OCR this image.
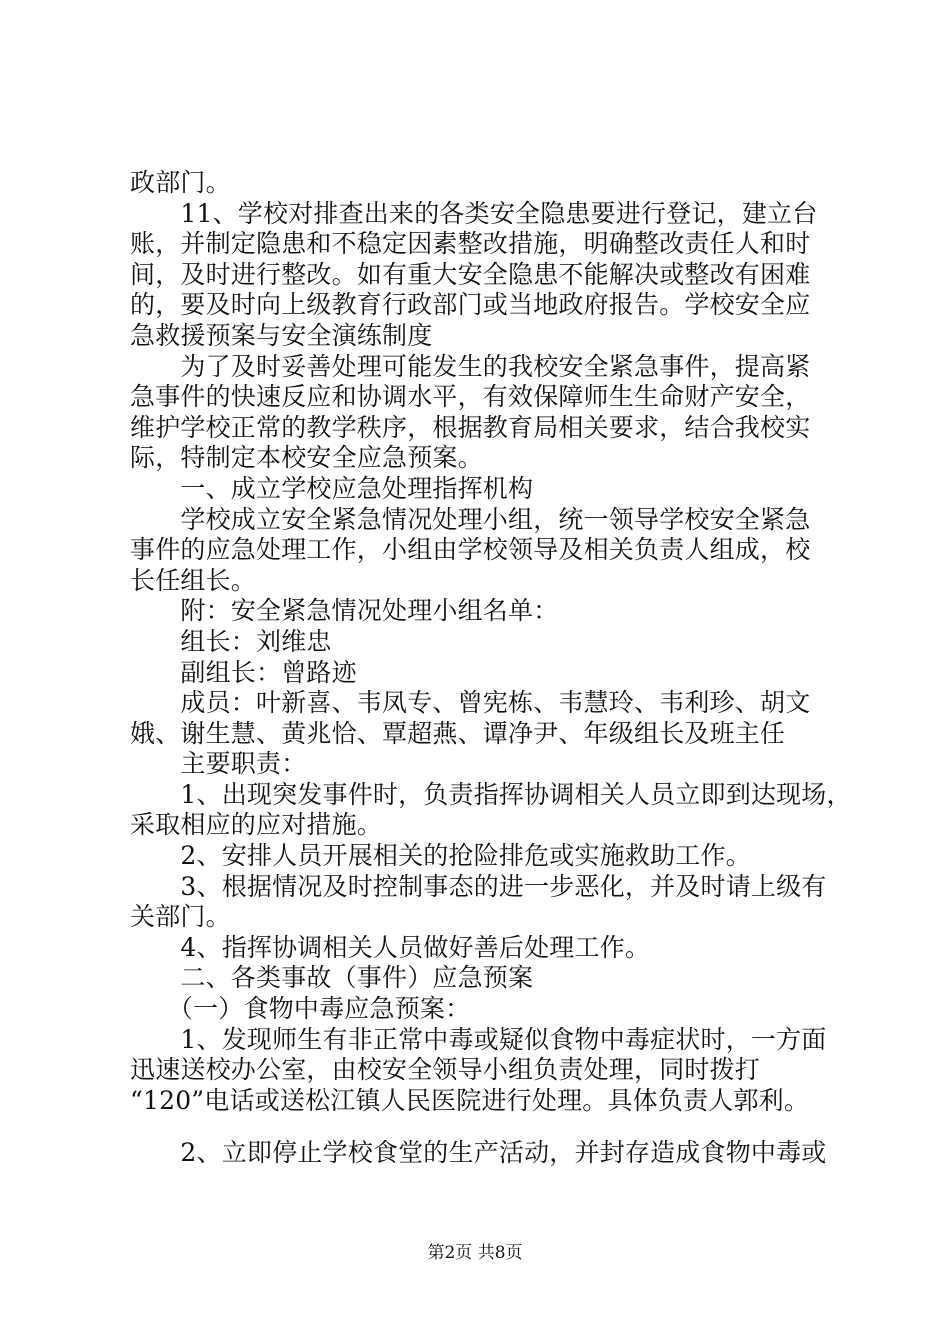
政部门。
　　11、学校对排查出来的各类安全隐患要进行登记，建立台
账，并制定隐患和不稳定因素整改措施，明确整改责任人和时
间，及时进行整改。如有重大安全隐患不能解决或整改有困难
的，要及时向上级教育行政部门或当地政府报告。学校安全应
急救援预案与安全演练制度
　　为了及时妥善处理可能发生的我校安全紧急事件，提高紧
急事件的快速反应和协调水平，有效保障师生生命财产安全，
维护学校正常的教学秩序，根据教育局相关要求，结合我校实
际，特制定本校安全应急预案。
　　一、成立学校应急处理指挥机构
　　学校成立安全紧急情况处理小组，统一领导学校安全紧急
事件的应急处理工作，小组由学校领导及相关负责人组成，校
长任组长。
　　附：安全紧急情况处理小组名单：
　　组长：刘维忠
　　副组长：曾路迹
　　成员：叶新喜、韦凤专、曾宪栋、韦慧玲、韦利珍、胡文
娥、谢生慧、黄兆恰、覃超燕、谭净尹、年级组长及班主任
　　主要职责：
　　1、出现突发事件时，负责指挥协调相关人员立即到达现场，
采取相应的应对措施。
　　2、安排人员开展相关的抢险排危或实施救助工作。
　　3、根据情况及时控制事态的进一步恶化，并及时请上级有
关部门。
　　4、指挥协调相关人员做好善后处理工作。
　　二、各类事故（事件）应急预案
　　（一）食物中毒应急预案：
　　1、发现师生有非正常中毒或疑似食物中毒症状时，一方面
迅速送校办公室，由校安全领导小组负责处理，同时拨打
“120”电话或送松江镇人民医院进行处理。具体负责人郭利。
　　2、立即停止学校食堂的生产活动，并封存造成食物中毒或
第2页 共8页
